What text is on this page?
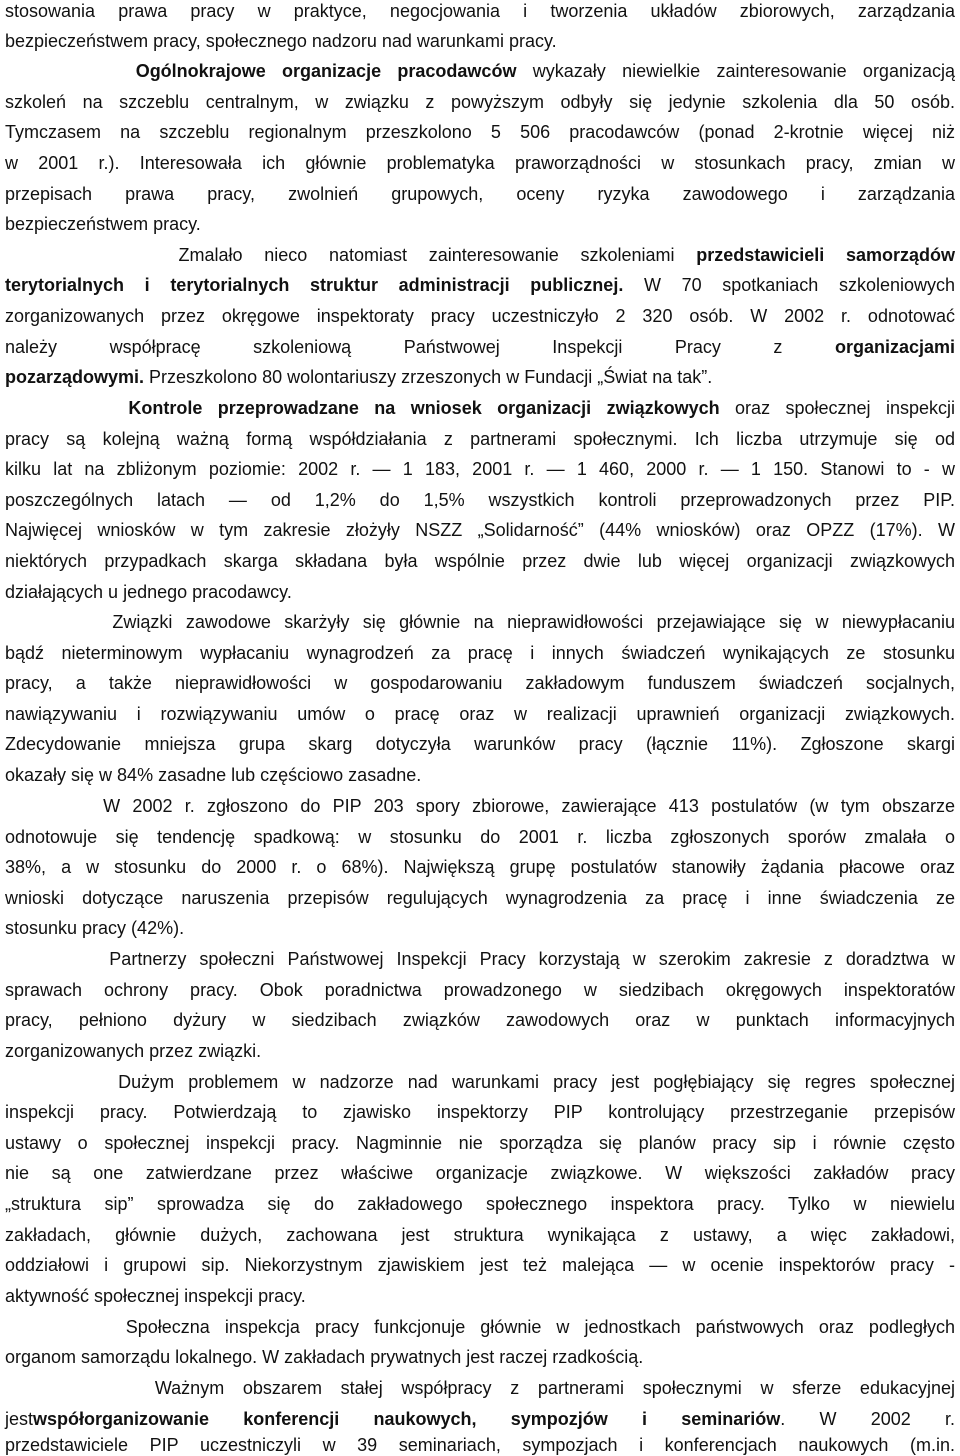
stosowania prawa pracy w praktyce, negocjowania i tworzenia układów zbiorowych, zarządzania
bezpieczeństwem pracy, społecznego nadzoru nad warunkami pracy.
Ogólnokrajowe organizacje pracodawców wykazały niewielkie zainteresowanie organizacją
szkoleń na szczeblu centralnym, w związku z powyższym odbyły się jedynie szkolenia dla 50 osób.
Tymczasem na szczeblu regionalnym przeszkolono 5 506 pracodawców (ponad 2-krotnie więcej niż
w 2001 r.). Interesowała ich głównie problematyka praworządności w stosunkach pracy, zmian w
przepisach prawa pracy, zwolnień grupowych, oceny ryzyka zawodowego i zarządzania
bezpieczeństwem pracy.
Zmalało nieco natomiast zainteresowanie szkoleniami przedstawicieli samorządów
terytorialnych i terytorialnych struktur administracji publicznej. W 70 spotkaniach szkoleniowych
zorganizowanych przez okręgowe inspektoraty pracy uczestniczyło 2 320 osób. W 2002 r. odnotować
należy współpracę szkoleniową Państwowej Inspekcji Pracy z organizacjami
pozarządowymi. Przeszkolono 80 wolontariuszy zrzeszonych w Fundacji „Świat na tak”.
Kontrole przeprowadzane na wniosek organizacji związkowych oraz społecznej inspekcji
pracy są kolejną ważną formą współdziałania z partnerami społecznymi. Ich liczba utrzymuje się od
kilku lat na zbliżonym poziomie: 2002 r. — 1 183, 2001 r. — 1 460, 2000 r. — 1 150. Stanowi to - w
poszczególnych latach — od 1,2% do 1,5% wszystkich kontroli przeprowadzonych przez PIP.
Najwięcej wniosków w tym zakresie złożyły NSZZ „Solidarność” (44% wniosków) oraz OPZZ (17%). W
niektórych przypadkach skarga składana była wspólnie przez dwie lub więcej organizacji związkowych
działających u jednego pracodawcy.
Związki zawodowe skarżyły się głównie na nieprawidłowości przejawiające się w niewypłacaniu
bądź nieterminowym wypłacaniu wynagrodzeń za pracę i innych świadczeń wynikających ze stosunku
pracy, a także nieprawidłowości w gospodarowaniu zakładowym funduszem świadczeń socjalnych,
nawiązywaniu i rozwiązywaniu umów o pracę oraz w realizacji uprawnień organizacji związkowych.
Zdecydowanie mniejsza grupa skarg dotyczyła warunków pracy (łącznie 11%). Zgłoszone skargi
okazały się w 84% zasadne lub częściowo zasadne.
W 2002 r. zgłoszono do PIP 203 spory zbiorowe, zawierające 413 postulatów (w tym obszarze
odnotowuje się tendencję spadkową: w stosunku do 2001 r. liczba zgłoszonych sporów zmalała o
38%, a w stosunku do 2000 r. o 68%). Największą grupę postulatów stanowiły żądania płacowe oraz
wnioski dotyczące naruszenia przepisów regulujących wynagrodzenia za pracę i inne świadczenia ze
stosunku pracy (42%).
Partnerzy społeczni Państwowej Inspekcji Pracy korzystają w szerokim zakresie z doradztwa w
sprawach ochrony pracy. Obok poradnictwa prowadzonego w siedzibach okręgowych inspektoratów
pracy, pełniono dyżury w siedzibach związków zawodowych oraz w punktach informacyjnych
zorganizowanych przez związki.
Dużym problemem w nadzorze nad warunkami pracy jest pogłębiający się regres społecznej
inspekcji pracy. Potwierdzają to zjawisko inspektorzy PIP kontrolujący przestrzeganie przepisów
ustawy o społecznej inspekcji pracy. Nagminnie nie sporządza się planów pracy sip i równie często
nie są one zatwierdzane przez właściwe organizacje związkowe. W większości zakładów pracy
„struktura sip” sprowadza się do zakładowego społecznego inspektora pracy. Tylko w niewielu
zakładach, głównie dużych, zachowana jest struktura wynikająca z ustawy, a więc zakładowi,
oddziałowi i grupowi sip. Niekorzystnym zjawiskiem jest też malejąca — w ocenie inspektorów pracy -
aktywność społecznej inspekcji pracy.
Społeczna inspekcja pracy funkcjonuje głównie w jednostkach państwowych oraz podległych
organom samorządu lokalnego. W zakładach prywatnych jest raczej rzadkością.
Ważnym obszarem stałej współpracy z partnerami społecznymi w sferze edukacyjnej
jestwspółorganizowanie konferencji naukowych, sympozjów i seminariów. W 2002 r.
przedstawiciele PIP uczestniczyli w 39 seminariach, sympozjach i konferencjach naukowych (m.in.
